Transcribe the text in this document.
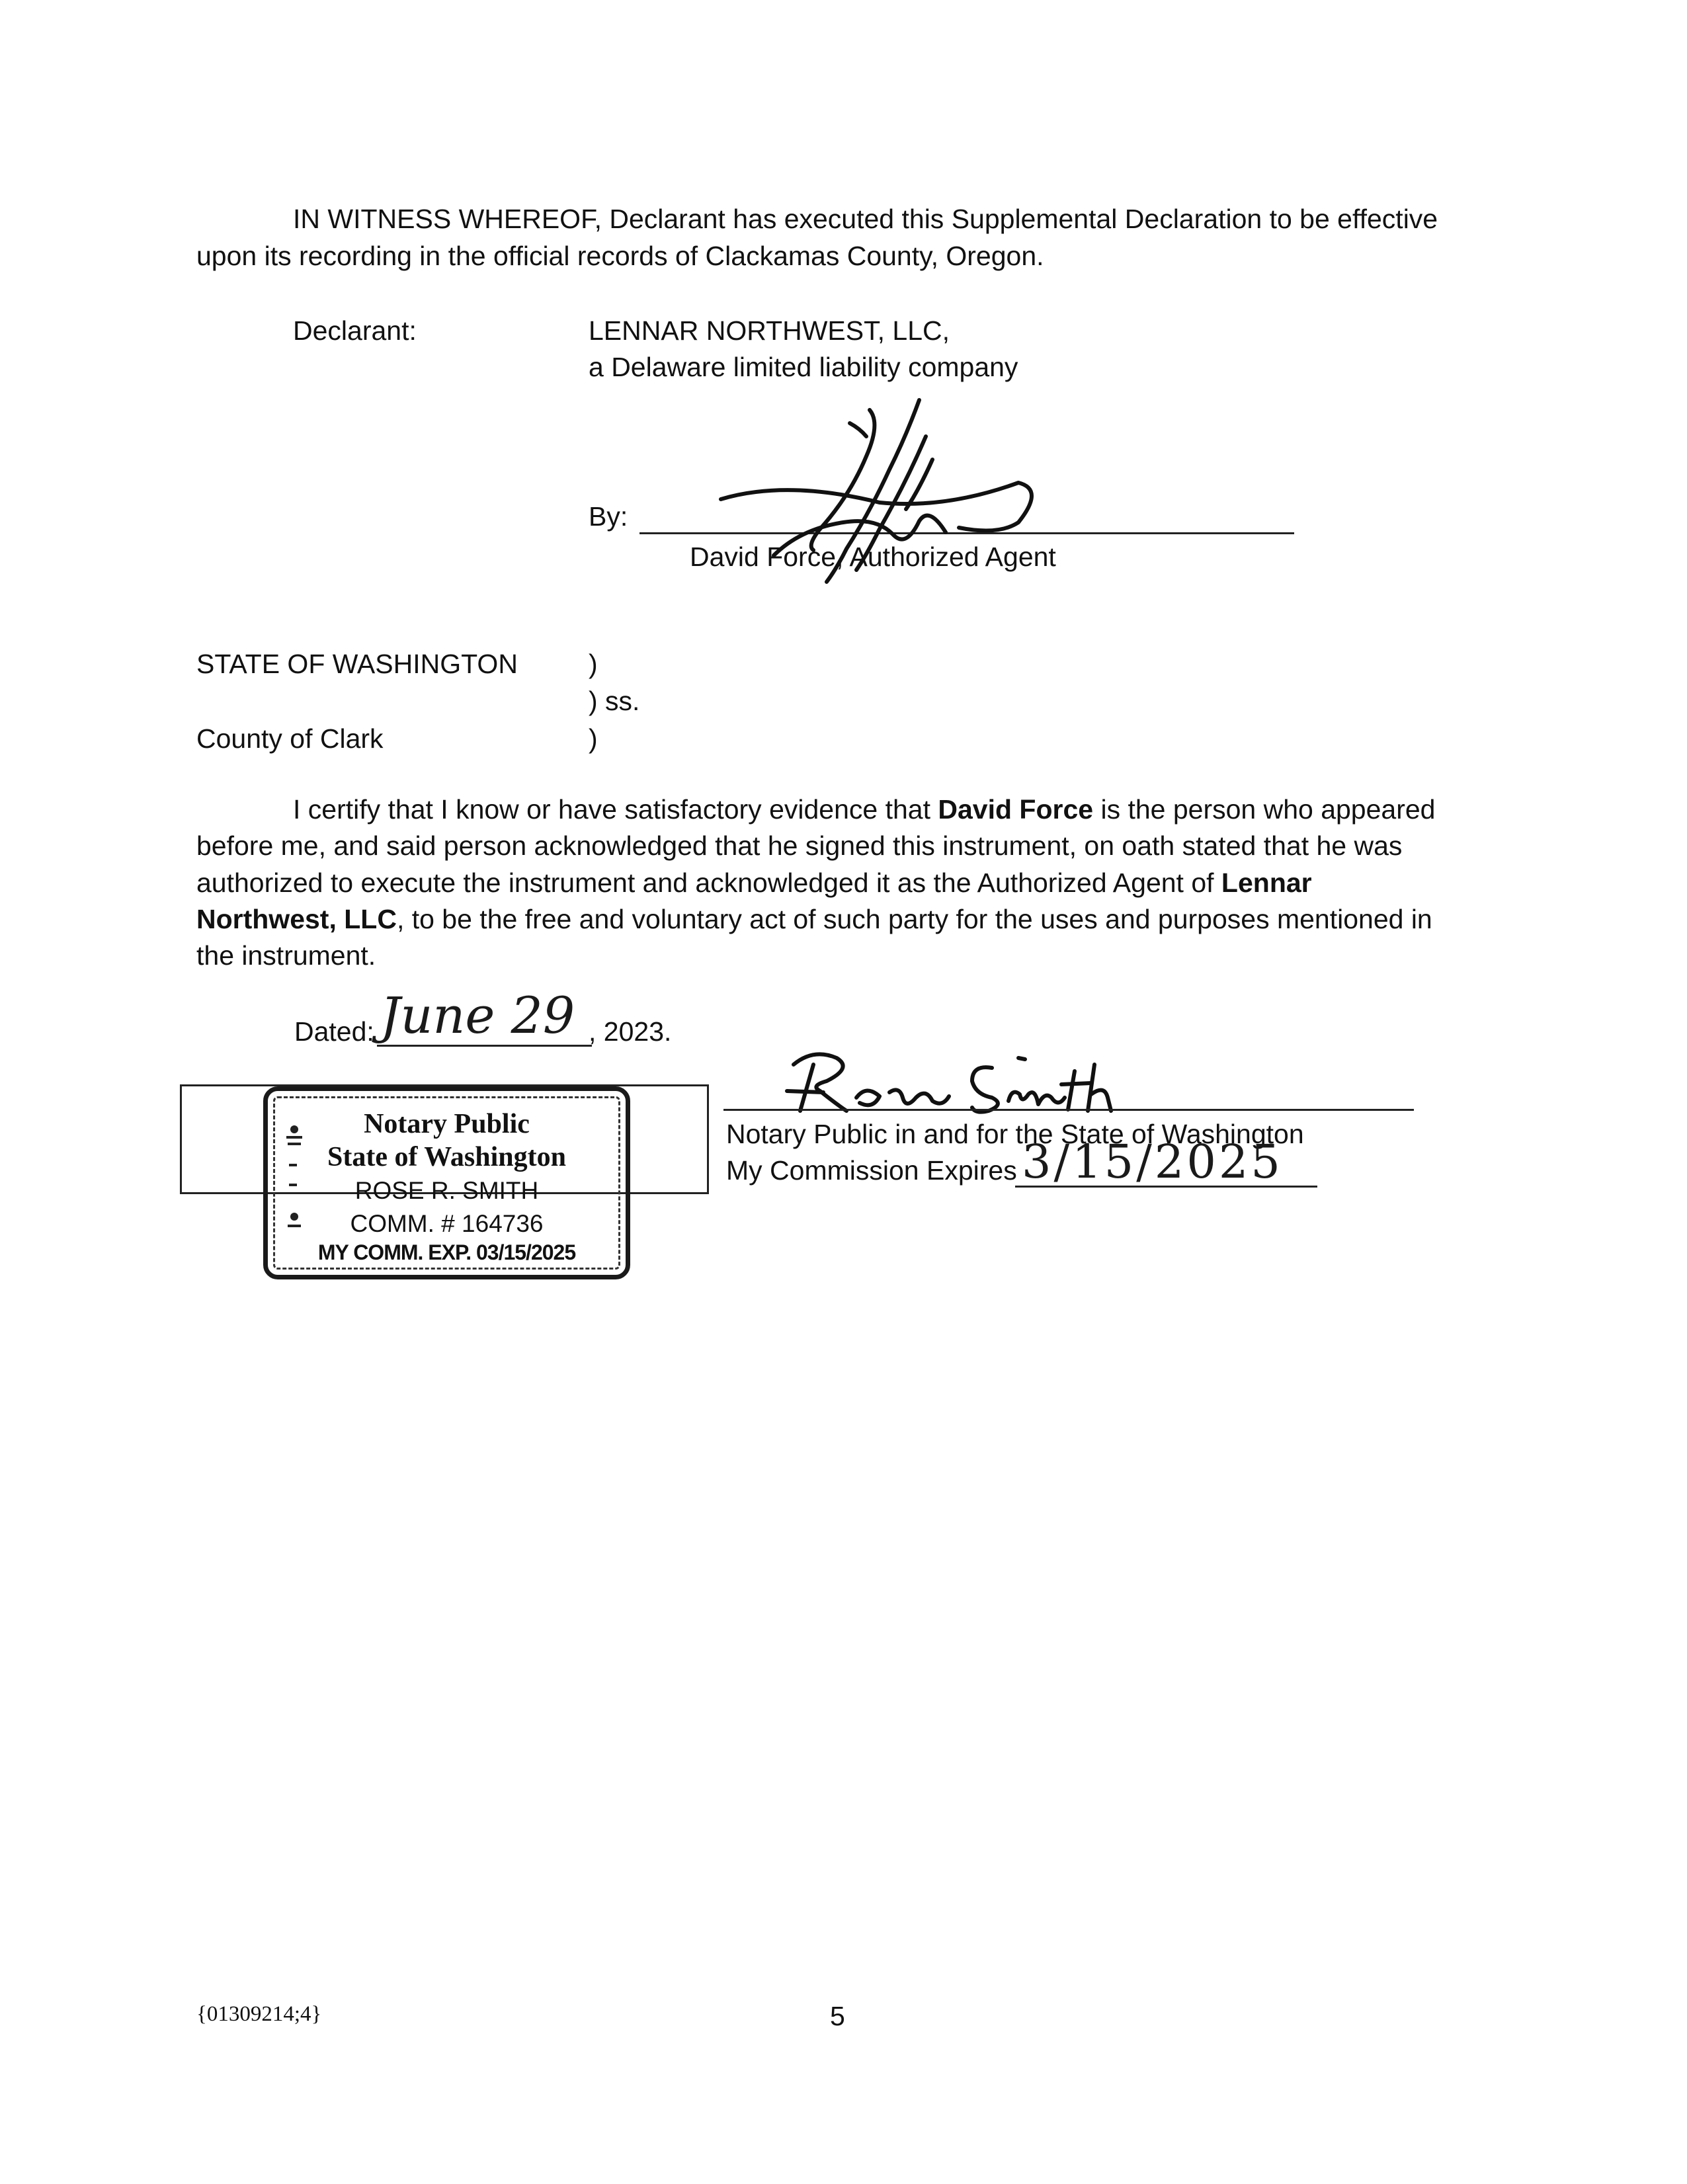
IN WITNESS WHEREOF, Declarant has executed this Supplemental Declaration to be effective
upon its recording in the official records of Clackamas County, Oregon.
Declarant:	LENNAR NORTHWEST, LLC,
a Delaware limited liability company
By:
David Force, Authorized Agent
STATE OF WASHINGTON	)
) ss.
County of Clark	)
I certify that I know or have satisfactory evidence that David Force is the person who appeared
before me, and said person acknowledged that he signed this instrument, on oath stated that he was
authorized to execute the instrument and acknowledged it as the Authorized Agent of Lennar
Northwest, LLC, to be the free and voluntary act of such party for the uses and purposes mentioned in
the instrument.
Dated: June 29 , 2023.
Notary Public
State of Washington
ROSE R. SMITH
COMM. # 164736
MY COMM. EXP. 03/15/2025
Notary Public in and for the State of Washington
My Commission Expires 3/15/2025
{01309214;4}	5
